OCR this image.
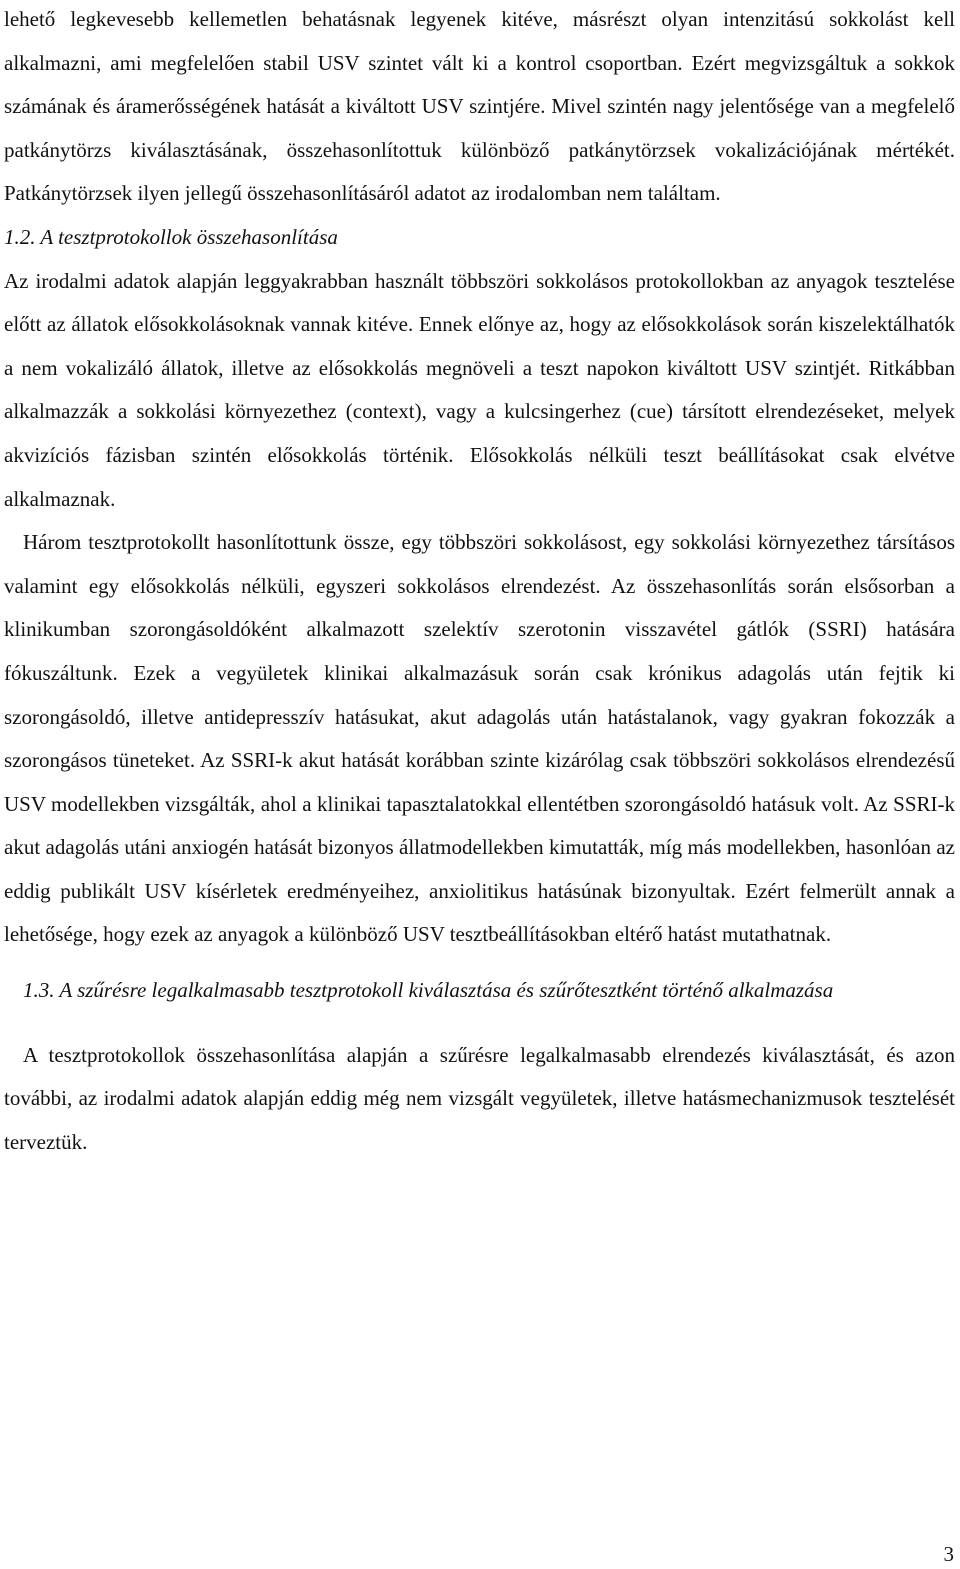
lehető legkevesebb kellemetlen behatásnak legyenek kitéve, másrészt olyan intenzitású sokkolást kell alkalmazni, ami megfelelően stabil USV szintet vált ki a kontrol csoportban. Ezért megvizsgáltuk a sokkok számának és áramerősségének hatását a kiváltott USV szintjére. Mivel szintén nagy jelentősége van a megfelelő patkánytörzs kiválasztásának, összehasonlítottuk különböző patkánytörzsek vokalizációjának mértékét. Patkánytörzsek ilyen jellegű összehasonlításáról adatot az irodalomban nem találtam.

1.2. A tesztprotokollok összehasonlítása

Az irodalmi adatok alapján leggyakrabban használt többszöri sokkolásos protokollokban az anyagok tesztelése előtt az állatok elősokkolásoknak vannak kitéve. Ennek előnye az, hogy az elősokkolások során kiszelektálhatók a nem vokalizáló állatok, illetve az elősokkolás megnöveli a teszt napokon kiváltott USV szintjét. Ritkábban alkalmazzák a sokkolási környezethez (context), vagy a kulcsingerhez (cue) társított elrendezéseket, melyek akvizíciós fázisban szintén elősokkolás történik. Elősokkolás nélküli teszt beállításokat csak elvétve alkalmaznak.

Három tesztprotokollt hasonlítottunk össze, egy többszöri sokkolásost, egy sokkolási környezethez társításos valamint egy elősokkolás nélküli, egyszeri sokkolásos elrendezést. Az összehasonlítás során elsősorban a klinikumban szorongásoldóként alkalmazott szelektív szerotonin visszavétel gátlók (SSRI) hatására fókuszáltunk. Ezek a vegyületek klinikai alkalmazásuk során csak krónikus adagolás után fejtik ki szorongásoldó, illetve antidepresszív hatásukat, akut adagolás után hatástalanok, vagy gyakran fokozzák a szorongásos tüneteket. Az SSRI-k akut hatását korábban szinte kizárólag csak többszöri sokkolásos elrendezésű USV modellekben vizsgálták, ahol a klinikai tapasztalatokkal ellentétben szorongásoldó hatásuk volt. Az SSRI-k akut adagolás utáni anxiogén hatását bizonyos állatmodellekben kimutatták, míg más modellekben, hasonlóan az eddig publikált USV kísérletek eredményeihez, anxiolitikus hatásúnak bizonyultak. Ezért felmerült annak a lehetősége, hogy ezek az anyagok a különböző USV tesztbeállításokban eltérő hatást mutathatnak.

1.3. A szűrésre legalkalmasabb tesztprotokoll kiválasztása és szűrőtesztként történő alkalmazása

A tesztprotokollok összehasonlítása alapján a szűrésre legalkalmasabb elrendezés kiválasztását, és azon további, az irodalmi adatok alapján eddig még nem vizsgált vegyületek, illetve hatásmechanizmusok tesztelését terveztük.

3
